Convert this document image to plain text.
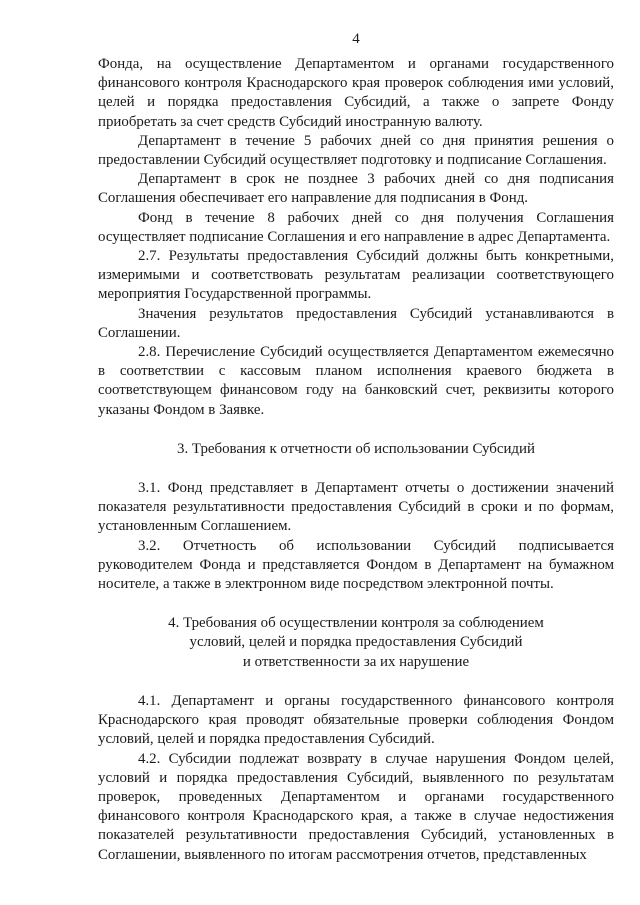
4

Фонда, на осуществление Департаментом и органами государственного финансового контроля Краснодарского края проверок соблюдения ими условий, целей и порядка предоставления Субсидий, а также о запрете Фонду приобретать за счет средств Субсидий иностранную валюту.

Департамент в течение 5 рабочих дней со дня принятия решения о предоставлении Субсидий осуществляет подготовку и подписание Соглашения.

Департамент в срок не позднее 3 рабочих дней со дня подписания Соглашения обеспечивает его направление для подписания в Фонд.

Фонд в течение 8 рабочих дней со дня получения Соглашения осуществляет подписание Соглашения и его направление в адрес Департамента.

2.7. Результаты предоставления Субсидий должны быть конкретными, измеримыми и соответствовать результатам реализации соответствующего мероприятия Государственной программы.

Значения результатов предоставления Субсидий устанавливаются в Соглашении.

2.8. Перечисление Субсидий осуществляется Департаментом ежемесячно в соответствии с кассовым планом исполнения краевого бюджета в соответствующем финансовом году на банковский счет, реквизиты которого указаны Фондом в Заявке.

3. Требования к отчетности об использовании Субсидий

3.1. Фонд представляет в Департамент отчеты о достижении значений показателя результативности предоставления Субсидий в сроки и по формам, установленным Соглашением.

3.2. Отчетность об использовании Субсидий подписывается руководителем Фонда и представляется Фондом в Департамент на бумажном носителе, а также в электронном виде посредством электронной почты.

4. Требования об осуществлении контроля за соблюдением
условий, целей и порядка предоставления Субсидий
и ответственности за их нарушение

4.1. Департамент и органы государственного финансового контроля Краснодарского края проводят обязательные проверки соблюдения Фондом условий, целей и порядка предоставления Субсидий.

4.2. Субсидии подлежат возврату в случае нарушения Фондом целей, условий и порядка предоставления Субсидий, выявленного по результатам проверок, проведенных Департаментом и органами государственного финансового контроля Краснодарского края, а также в случае недостижения показателей результативности предоставления Субсидий, установленных в Соглашении, выявленного по итогам рассмотрения отчетов, представленных
